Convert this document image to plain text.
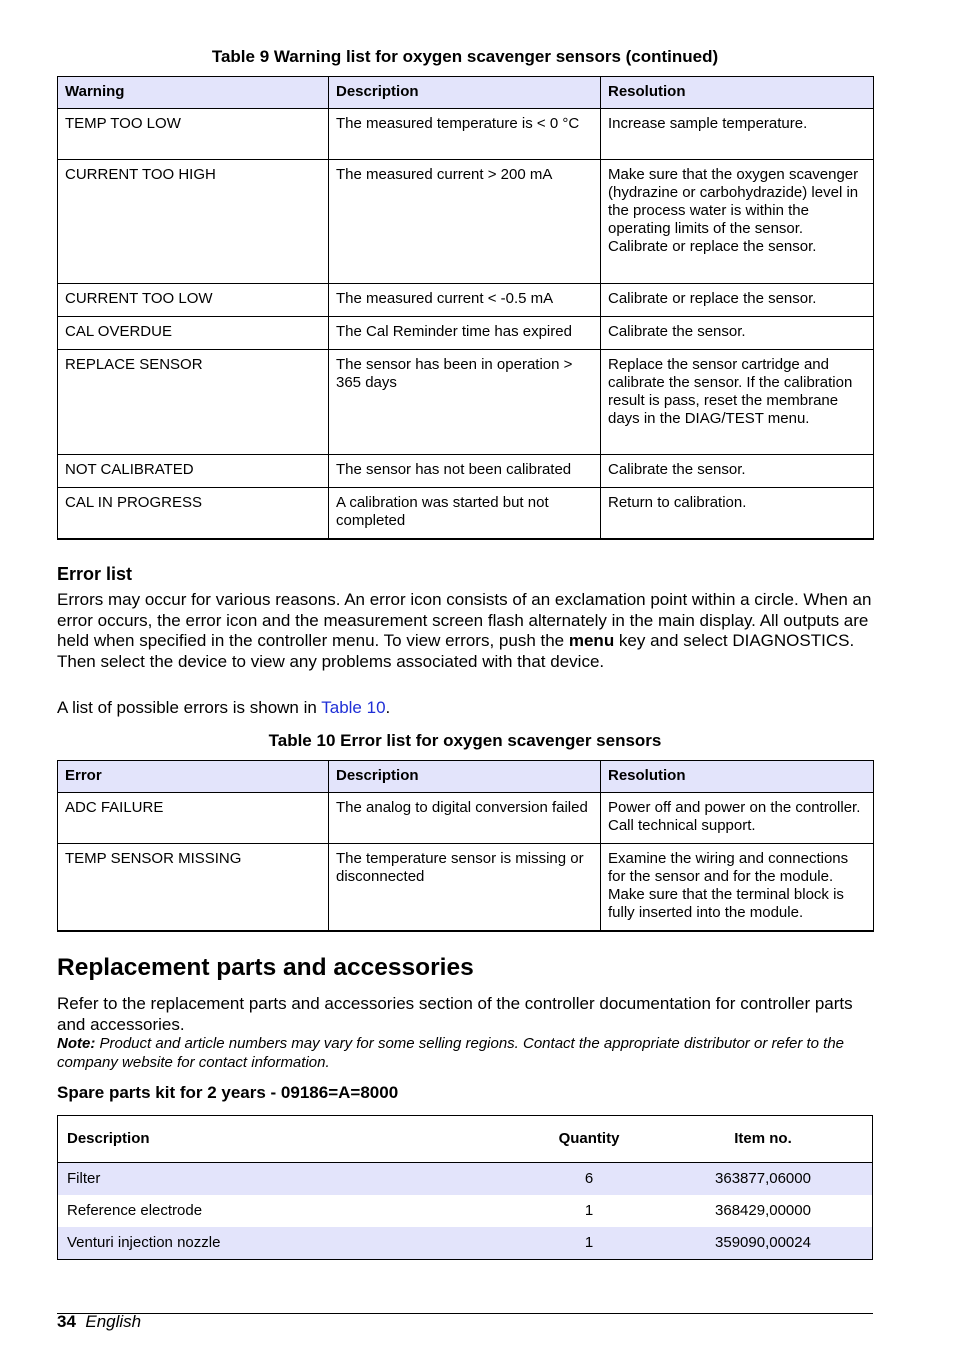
Table 9 Warning list for oxygen scavenger sensors (continued)
Warning	Description	Resolution
TEMP TOO LOW	The measured temperature is < 0 °C	Increase sample temperature.
CURRENT TOO HIGH	The measured current > 200 mA	Make sure that the oxygen scavenger (hydrazine or carbohydrazide) level in the process water is within the operating limits of the sensor. Calibrate or replace the sensor.
CURRENT TOO LOW	The measured current < -0.5 mA	Calibrate or replace the sensor.
CAL OVERDUE	The Cal Reminder time has expired	Calibrate the sensor.
REPLACE SENSOR	The sensor has been in operation > 365 days	Replace the sensor cartridge and calibrate the sensor. If the calibration result is pass, reset the membrane days in the DIAG/TEST menu.
NOT CALIBRATED	The sensor has not been calibrated	Calibrate the sensor.
CAL IN PROGRESS	A calibration was started but not completed	Return to calibration.
Error list
Errors may occur for various reasons. An error icon consists of an exclamation point within a circle. When an error occurs, the error icon and the measurement screen flash alternately in the main display. All outputs are held when specified in the controller menu. To view errors, push the menu key and select DIAGNOSTICS. Then select the device to view any problems associated with that device.
A list of possible errors is shown in Table 10.
Table 10 Error list for oxygen scavenger sensors
Error	Description	Resolution
ADC FAILURE	The analog to digital conversion failed	Power off and power on the controller. Call technical support.
TEMP SENSOR MISSING	The temperature sensor is missing or disconnected	Examine the wiring and connections for the sensor and for the module. Make sure that the terminal block is fully inserted into the module.
Replacement parts and accessories
Refer to the replacement parts and accessories section of the controller documentation for controller parts and accessories.
Note: Product and article numbers may vary for some selling regions. Contact the appropriate distributor or refer to the company website for contact information.
Spare parts kit for 2 years - 09186=A=8000
Description	Quantity	Item no.
Filter	6	363877,06000
Reference electrode	1	368429,00000
Venturi injection nozzle	1	359090,00024
34 English
